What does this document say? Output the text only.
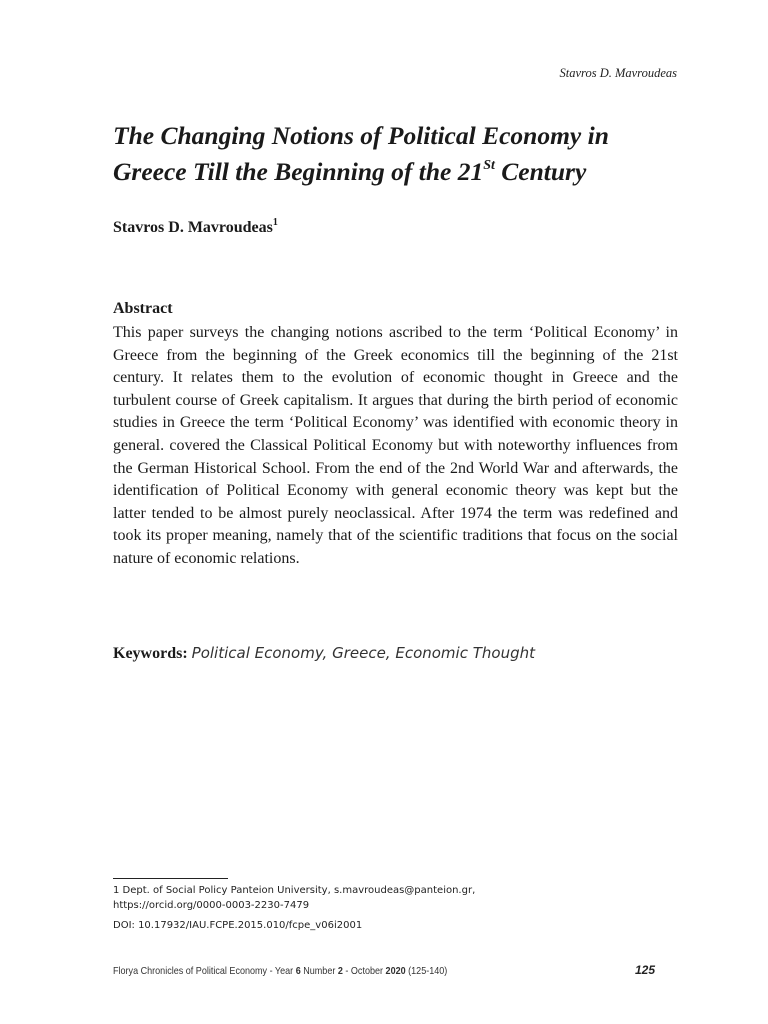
Stavros D. Mavroudeas
The Changing Notions of Political Economy in
Greece Till the Beginning of the 21St Century
Stavros D. Mavroudeas$^1$
Abstract

This paper surveys the changing notions ascribed to the term ‘Political Economy’ in Greece from the beginning of the Greek economics till the beginning of the 21st century. It relates them to the evolution of economic thought in Greece and the turbulent course of Greek capitalism. It argues that during the birth period of economic studies in Greece the term ‘Political Economy’ was identified with economic theory in general. covered the Classical Political Economy but with noteworthy influences from the German Historical School. From the end of the 2nd World War and afterwards, the identification of Political Economy with general economic theory was kept but the latter tended to be almost purely neoclassical. After 1974 the term was redefined and took its proper meaning, namely that of the scientific traditions that focus on the social nature of economic relations.

Keywords: Political Economy, Greece, Economic Thought
1 Dept. of Social Policy Panteion University, s.mavroudeas@panteion.gr,
https://orcid.org/0000-0003-2230-7479
DOI: 10.17932/IAU.FCPE.2015.010/fcpe_v06i2001
Florya Chronicles of Political Economy - Year 6 Number 2 - October 2020 (125-140)	125
